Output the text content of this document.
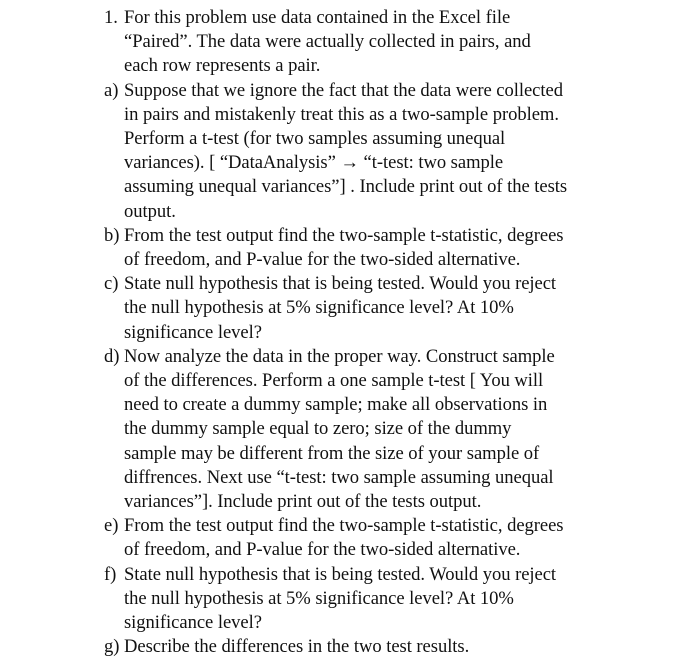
1. For this problem use data contained in the Excel file
“Paired”. The data were actually collected in pairs, and
each row represents a pair.
a) Suppose that we ignore the fact that the data were collected
in pairs and mistakenly treat this as a two-sample problem.
Perform a t-test (for two samples assuming unequal
variances). [ “DataAnalysis” → “t-test: two sample
assuming unequal variances”] . Include print out of the tests
output.
b) From the test output find the two-sample t-statistic, degrees
of freedom, and P-value for the two-sided alternative.
c) State null hypothesis that is being tested. Would you reject
the null hypothesis at 5% significance level? At 10%
significance level?
d) Now analyze the data in the proper way. Construct sample
of the differences. Perform a one sample t-test [ You will
need to create a dummy sample; make all observations in
the dummy sample equal to zero; size of the dummy
sample may be different from the size of your sample of
diffrences. Next use “t-test: two sample assuming unequal
variances”]. Include print out of the tests output.
e) From the test output find the two-sample t-statistic, degrees
of freedom, and P-value for the two-sided alternative.
f) State null hypothesis that is being tested. Would you reject
the null hypothesis at 5% significance level? At 10%
significance level?
g) Describe the differences in the two test results.
